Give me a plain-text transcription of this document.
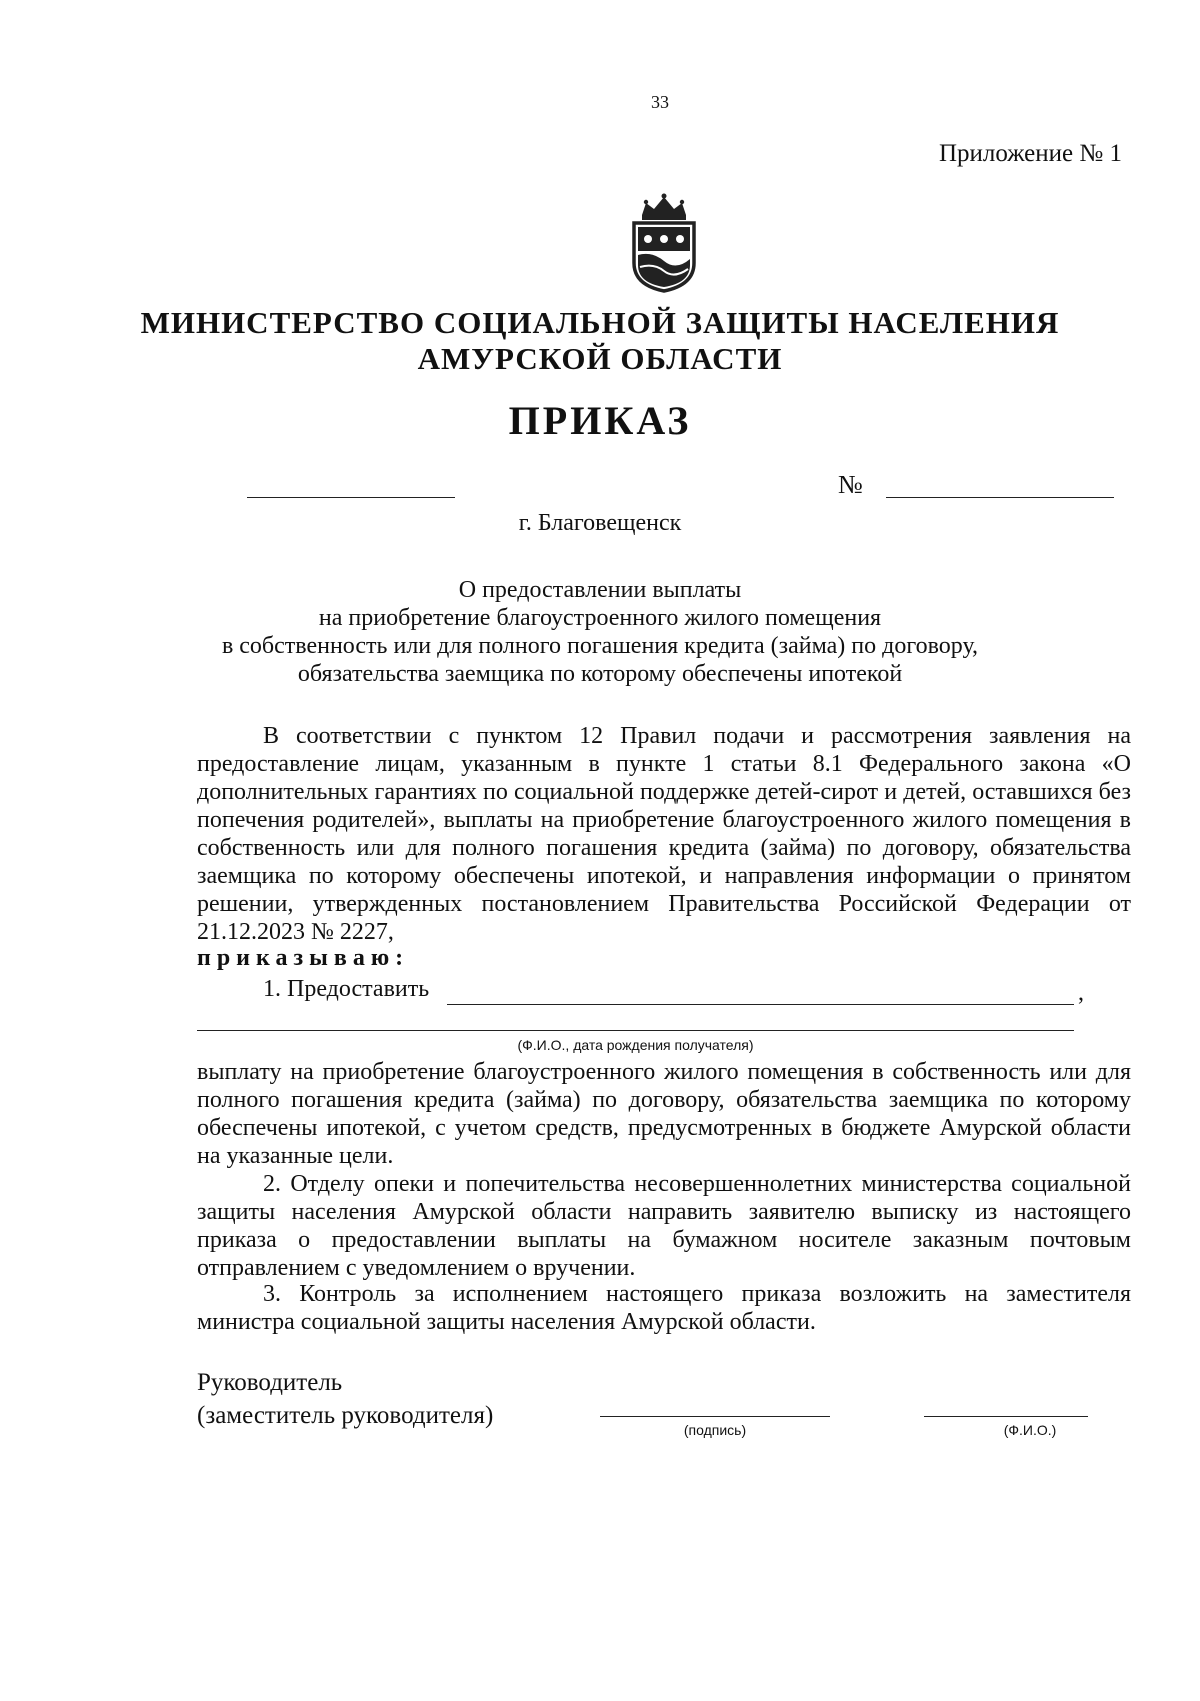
33
Приложение № 1
МИНИСТЕРСТВО СОЦИАЛЬНОЙ ЗАЩИТЫ НАСЕЛЕНИЯ
АМУРСКОЙ ОБЛАСТИ
ПРИКАЗ
№
г. Благовещенск
О предоставлении выплаты
на приобретение благоустроенного жилого помещения
в собственность или для полного погашения кредита (займа) по договору,
обязательства заемщика по которому обеспечены ипотекой
В соответствии с пунктом 12 Правил подачи и рассмотрения заявления на предоставление лицам, указанным в пункте 1 статьи 8.1 Федерального закона «О дополнительных гарантиях по социальной поддержке детей-сирот и детей, оставшихся без попечения родителей», выплаты на приобретение благоустроенного жилого помещения в собственность или для полного погашения кредита (займа) по договору, обязательства заемщика по которому обеспечены ипотекой, и направления информации о принятом решении, утвержденных постановлением Правительства Российской Федерации от 21.12.2023 № 2227,
приказываю:
1. Предоставить	,
(Ф.И.О., дата рождения получателя)
выплату на приобретение благоустроенного жилого помещения в собственность или для полного погашения кредита (займа) по договору, обязательства заемщика по которому обеспечены ипотекой, с учетом средств, предусмотренных в бюджете Амурской области на указанные цели.
2. Отделу опеки и попечительства несовершеннолетних министерства социальной защиты населения Амурской области направить заявителю выписку из настоящего приказа о предоставлении выплаты на бумажном носителе заказным почтовым отправлением с уведомлением о вручении.
3. Контроль за исполнением настоящего приказа возложить на заместителя министра социальной защиты населения Амурской области.
Руководитель
(заместитель руководителя)
(подпись)	(Ф.И.О.)
